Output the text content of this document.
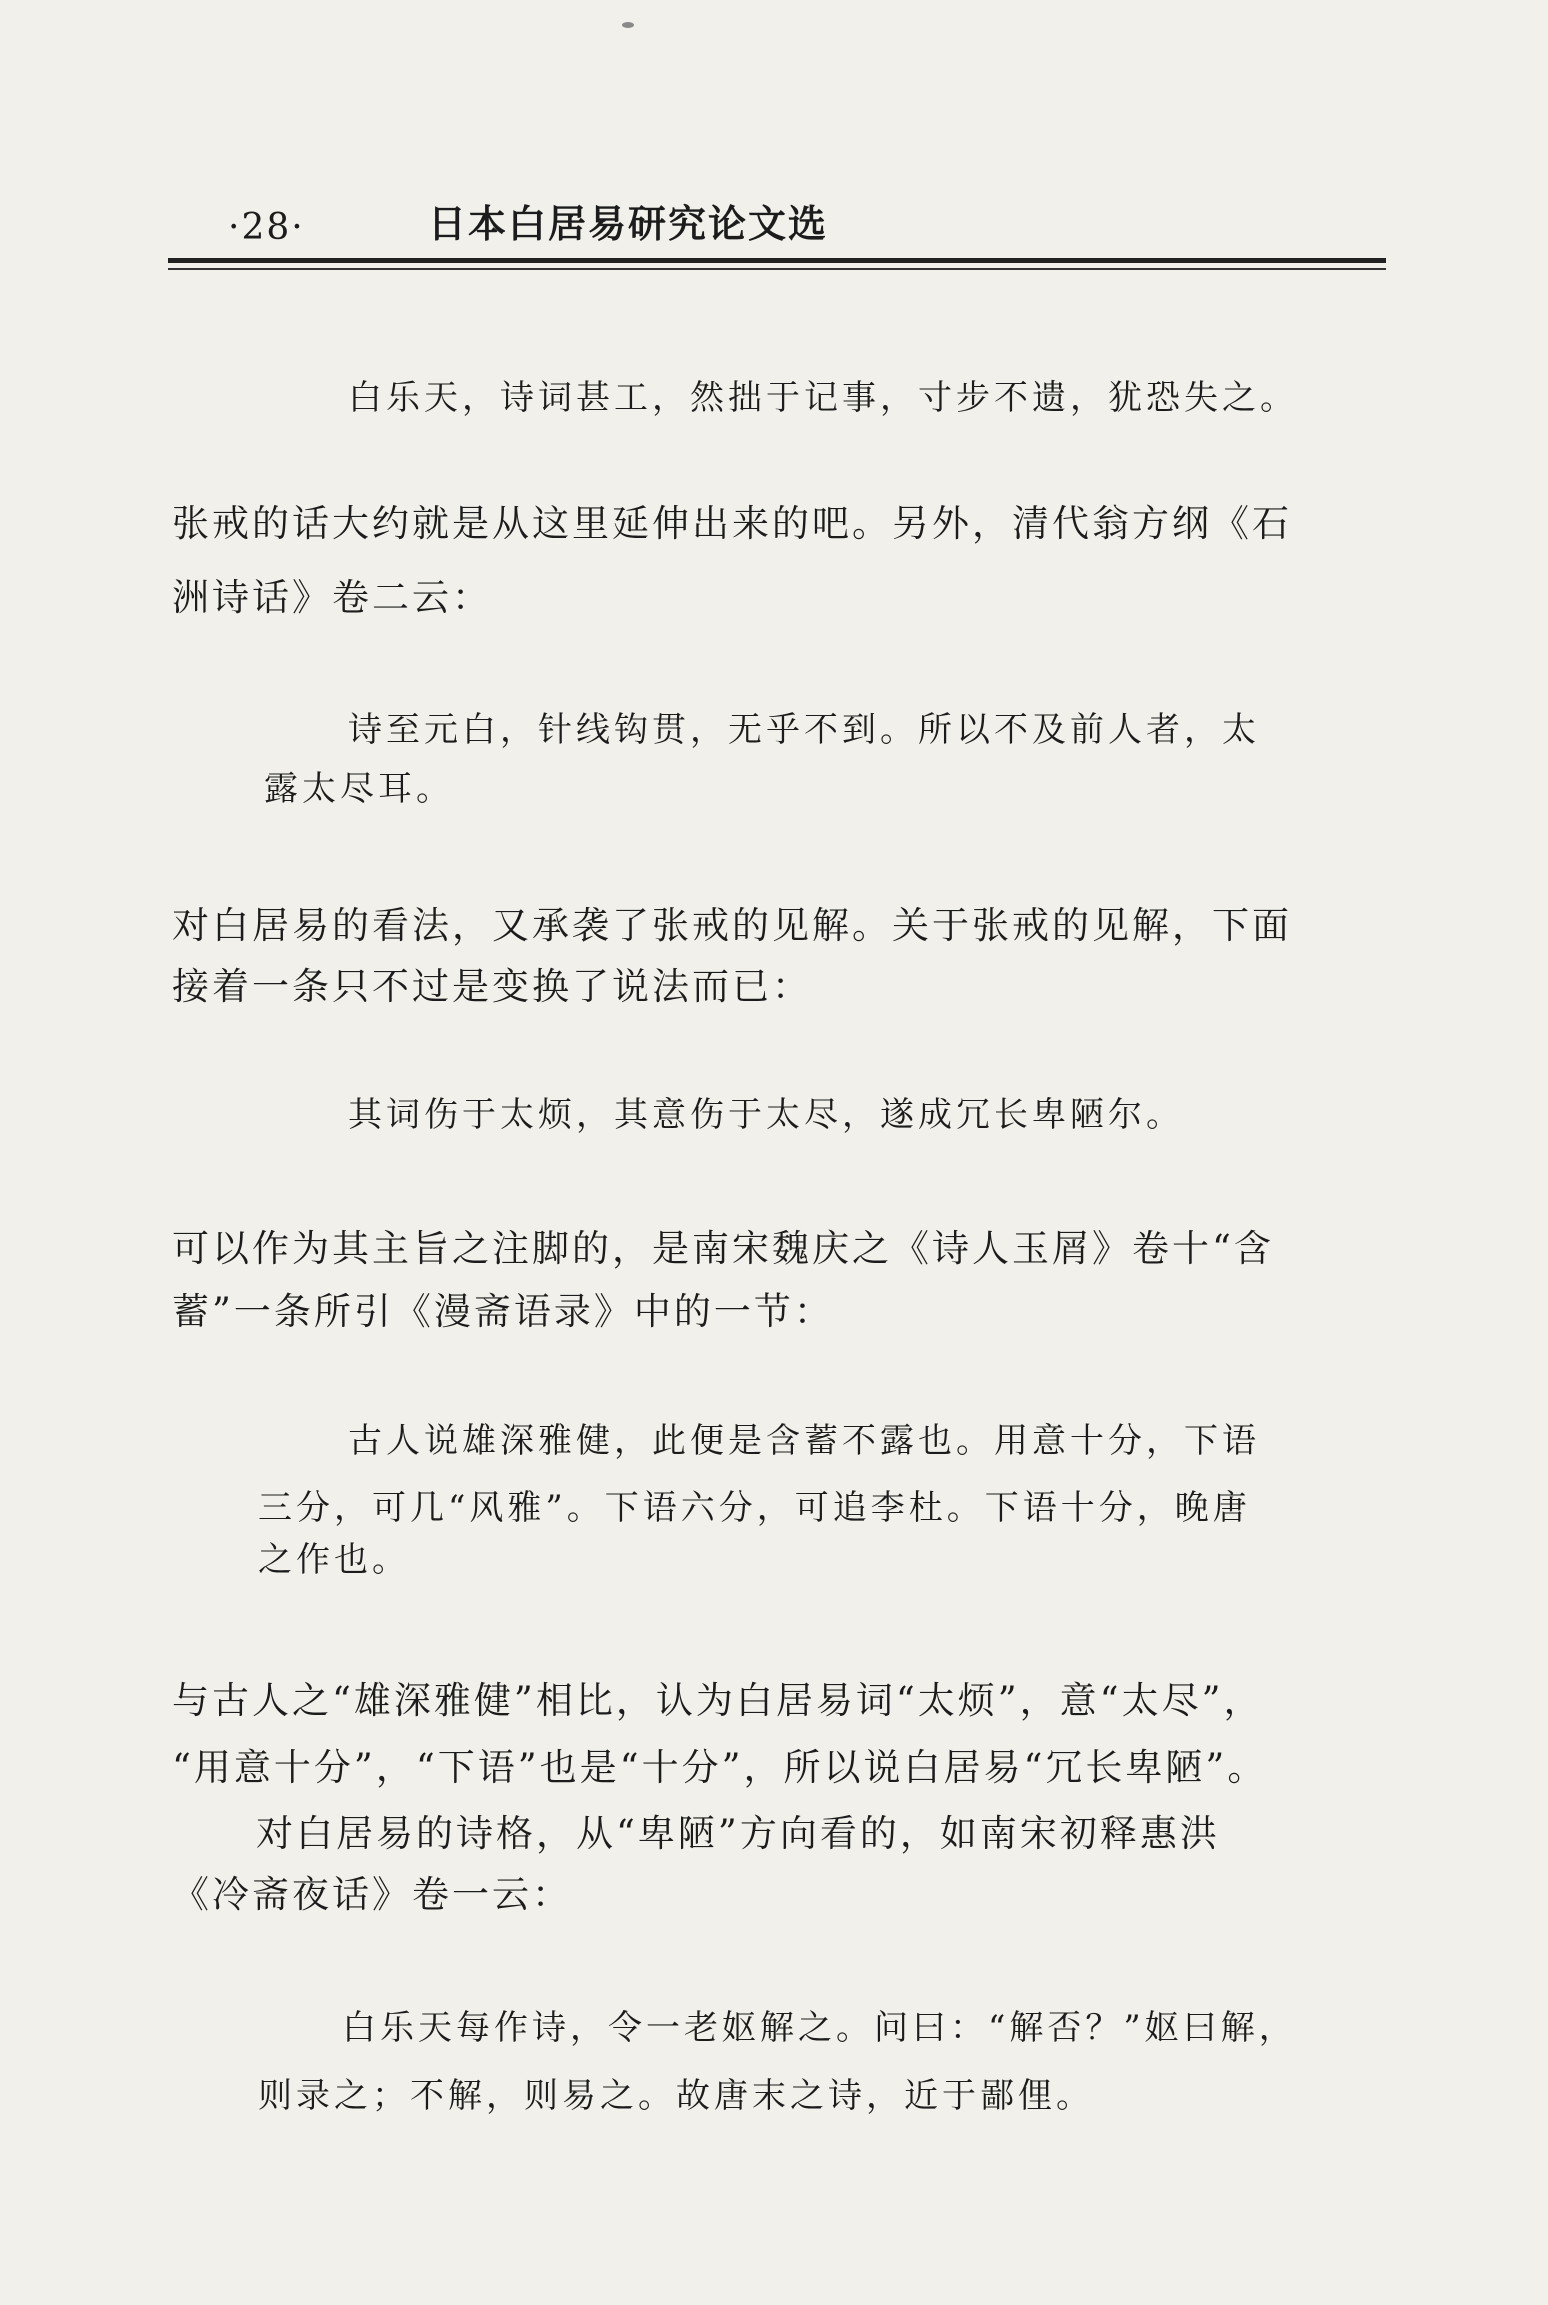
·28·	日本白居易研究论文选
白乐天，诗词甚工，然拙于记事，寸步不遗，犹恐失之。
张戒的话大约就是从这里延伸出来的吧。另外，清代翁方纲《石
洲诗话》卷二云：
诗至元白，针线钩贯，无乎不到。所以不及前人者，太
露太尽耳。
对白居易的看法，又承袭了张戒的见解。关于张戒的见解，下面
接着一条只不过是变换了说法而已：
其词伤于太烦，其意伤于太尽，遂成冗长卑陋尔。
可以作为其主旨之注脚的，是南宋魏庆之《诗人玉屑》卷十“含
蓄”一条所引《漫斋语录》中的一节：
古人说雄深雅健，此便是含蓄不露也。用意十分，下语
三分，可几“风雅”。下语六分，可追李杜。下语十分，晚唐
之作也。
与古人之“雄深雅健”相比，认为白居易词“太烦”，意“太尽”，
“用意十分”，“下语”也是“十分”，所以说白居易“冗长卑陋”。
对白居易的诗格，从“卑陋”方向看的，如南宋初释惠洪
《冷斋夜话》卷一云：
白乐天每作诗，令一老妪解之。问曰：“解否？”妪曰解，
则录之；不解，则易之。故唐末之诗，近于鄙俚。
